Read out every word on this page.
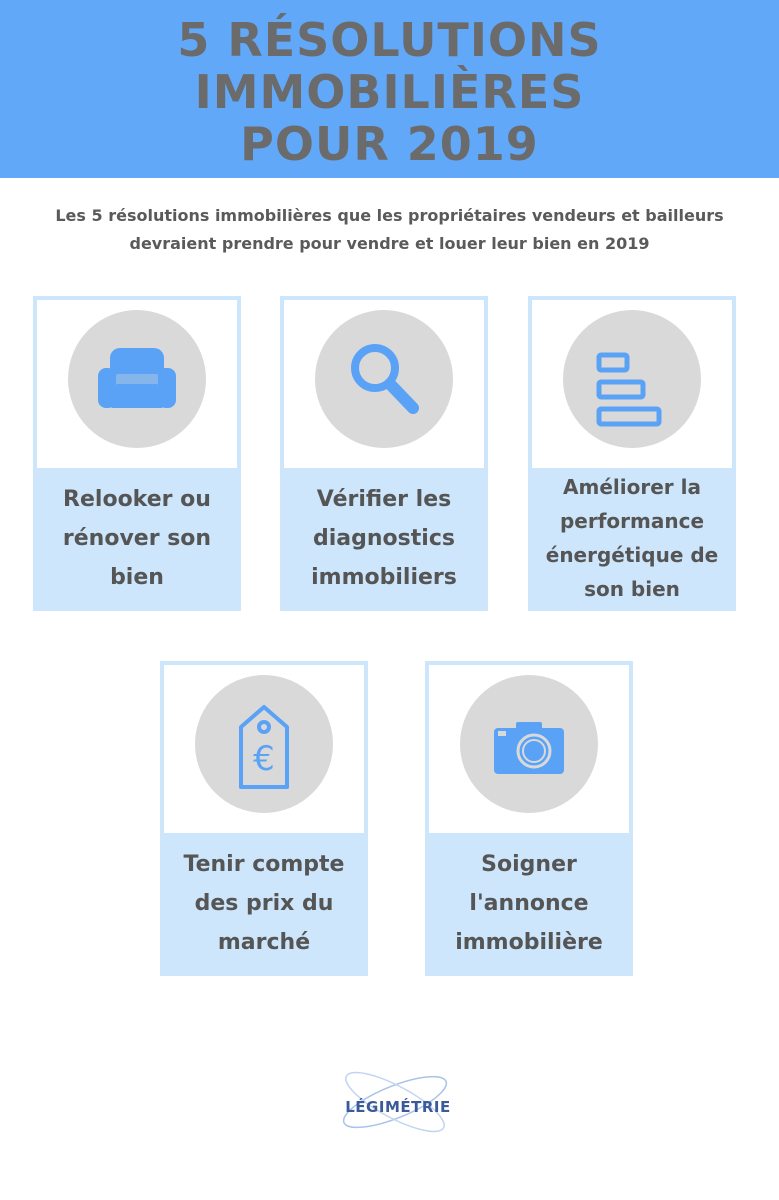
5 RÉSOLUTIONS
IMMOBILIÈRES
POUR 2019
Les 5 résolutions immobilières que les propriétaires vendeurs et bailleurs devraient prendre pour vendre et louer leur bien en 2019
Relooker ou rénover son bien
Vérifier les diagnostics immobiliers
Améliorer la performance énergétique de son bien
€
Tenir compte des prix du marché
Soigner l'annonce immobilière
LÉGIMÉTRIE
